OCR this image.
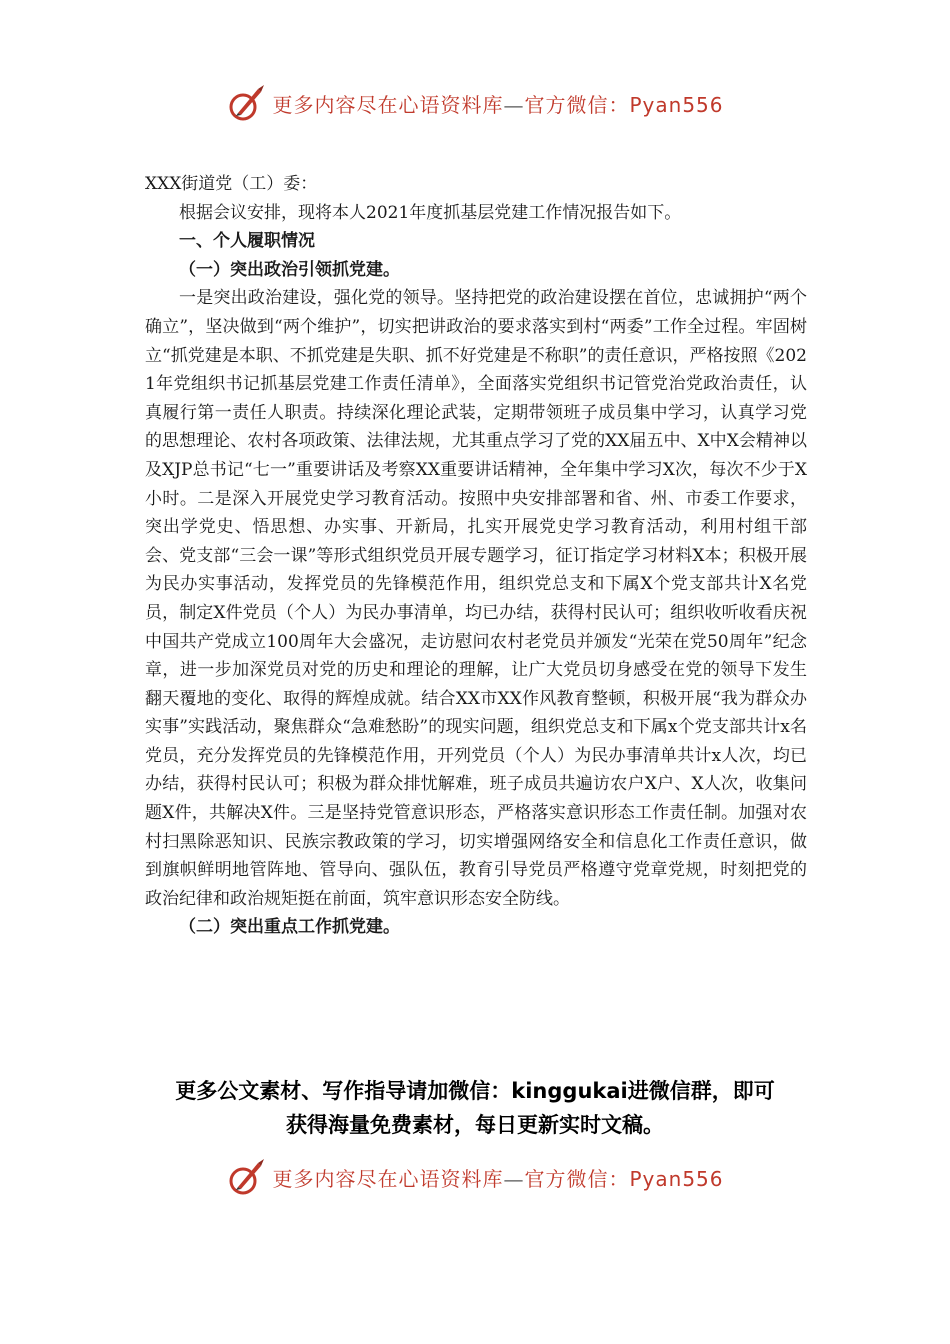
更多内容尽在心语资料库—官方微信：Pyan556

XXX街道党（工）委：

根据会议安排，现将本人2021年度抓基层党建工作情况报告如下。

一、个人履职情况

（一）突出政治引领抓党建。

一是突出政治建设，强化党的领导。坚持把党的政治建设摆在首位，忠诚拥护“两个确立”，坚决做到“两个维护”，切实把讲政治的要求落实到村“两委”工作全过程。牢固树立“抓党建是本职、不抓党建是失职、抓不好党建是不称职”的责任意识，严格按照《2021年党组织书记抓基层党建工作责任清单》，全面落实党组织书记管党治党政治责任，认真履行第一责任人职责。持续深化理论武装，定期带领班子成员集中学习，认真学习党的思想理论、农村各项政策、法律法规，尤其重点学习了党的XX届五中、X中X会精神以及XJP总书记“七一”重要讲话及考察XX重要讲话精神，全年集中学习X次，每次不少于X小时。二是深入开展党史学习教育活动。按照中央安排部署和省、州、市委工作要求，突出学党史、悟思想、办实事、开新局，扎实开展党史学习教育活动，利用村组干部会、党支部“三会一课”等形式组织党员开展专题学习，征订指定学习材料X本；积极开展为民办实事活动，发挥党员的先锋模范作用，组织党总支和下属X个党支部共计X名党员，制定X件党员（个人）为民办事清单，均已办结，获得村民认可；组织收听收看庆祝中国共产党成立100周年大会盛况，走访慰问农村老党员并颁发“光荣在党50周年”纪念章，进一步加深党员对党的历史和理论的理解，让广大党员切身感受在党的领导下发生翻天覆地的变化、取得的辉煌成就。结合XX市XX作风教育整顿，积极开展“我为群众办实事”实践活动，聚焦群众“急难愁盼”的现实问题，组织党总支和下属x个党支部共计x名党员，充分发挥党员的先锋模范作用，开列党员（个人）为民办事清单共计x人次，均已办结，获得村民认可；积极为群众排忧解难，班子成员共遍访农户X户、X人次，收集问题X件，共解决X件。三是坚持党管意识形态，严格落实意识形态工作责任制。加强对农村扫黑除恶知识、民族宗教政策的学习，切实增强网络安全和信息化工作责任意识，做到旗帜鲜明地管阵地、管导向、强队伍，教育引导党员严格遵守党章党规，时刻把党的政治纪律和政治规矩挺在前面，筑牢意识形态安全防线。

（二）突出重点工作抓党建。

更多公文素材、写作指导请加微信：kinggukai进微信群，即可
获得海量免费素材，每日更新实时文稿。
更多内容尽在心语资料库—官方微信：Pyan556
